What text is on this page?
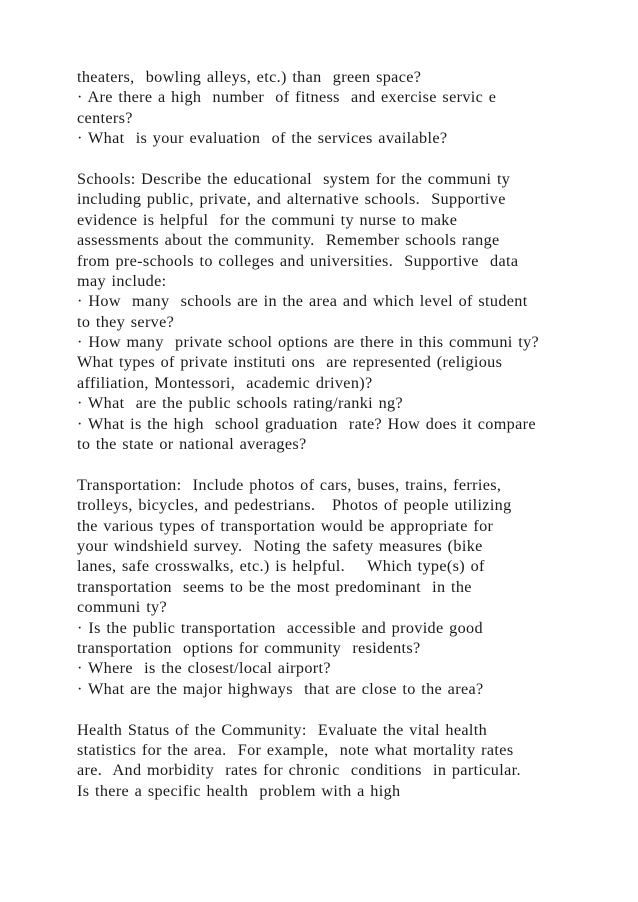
theaters,  bowling alleys, etc.) than  green space?
· Are there a high  number  of fitness  and exercise servic e
centers?
· What  is your evaluation  of the services available?
Schools: Describe the educational  system for the communi ty
including public, private, and alternative schools.  Supportive
evidence is helpful  for the communi ty nurse to make
assessments about the community.  Remember schools range
from pre-schools to colleges and universities.  Supportive  data
may include:
· How  many  schools are in the area and which level of student
to they serve?
· How many  private school options are there in this communi ty?
What types of private instituti ons  are represented (religious
affiliation, Montessori,  academic driven)?
· What  are the public schools rating/ranki ng?
· What is the high  school graduation  rate? How does it compare
to the state or national averages?
Transportation:  Include photos of cars, buses, trains, ferries,
trolleys, bicycles, and pedestrians.   Photos of people utilizing
the various types of transportation would be appropriate for
your windshield survey.  Noting the safety measures (bike
lanes, safe crosswalks, etc.) is helpful.    Which type(s) of
transportation  seems to be the most predominant  in the
communi ty?
· Is the public transportation  accessible and provide good
transportation  options for community  residents?
· Where  is the closest/local airport?
· What are the major highways  that are close to the area?
Health Status of the Community:  Evaluate the vital health
statistics for the area.  For example,  note what mortality rates
are.  And morbidity  rates for chronic  conditions  in particular.
Is there a specific health  problem with a high
